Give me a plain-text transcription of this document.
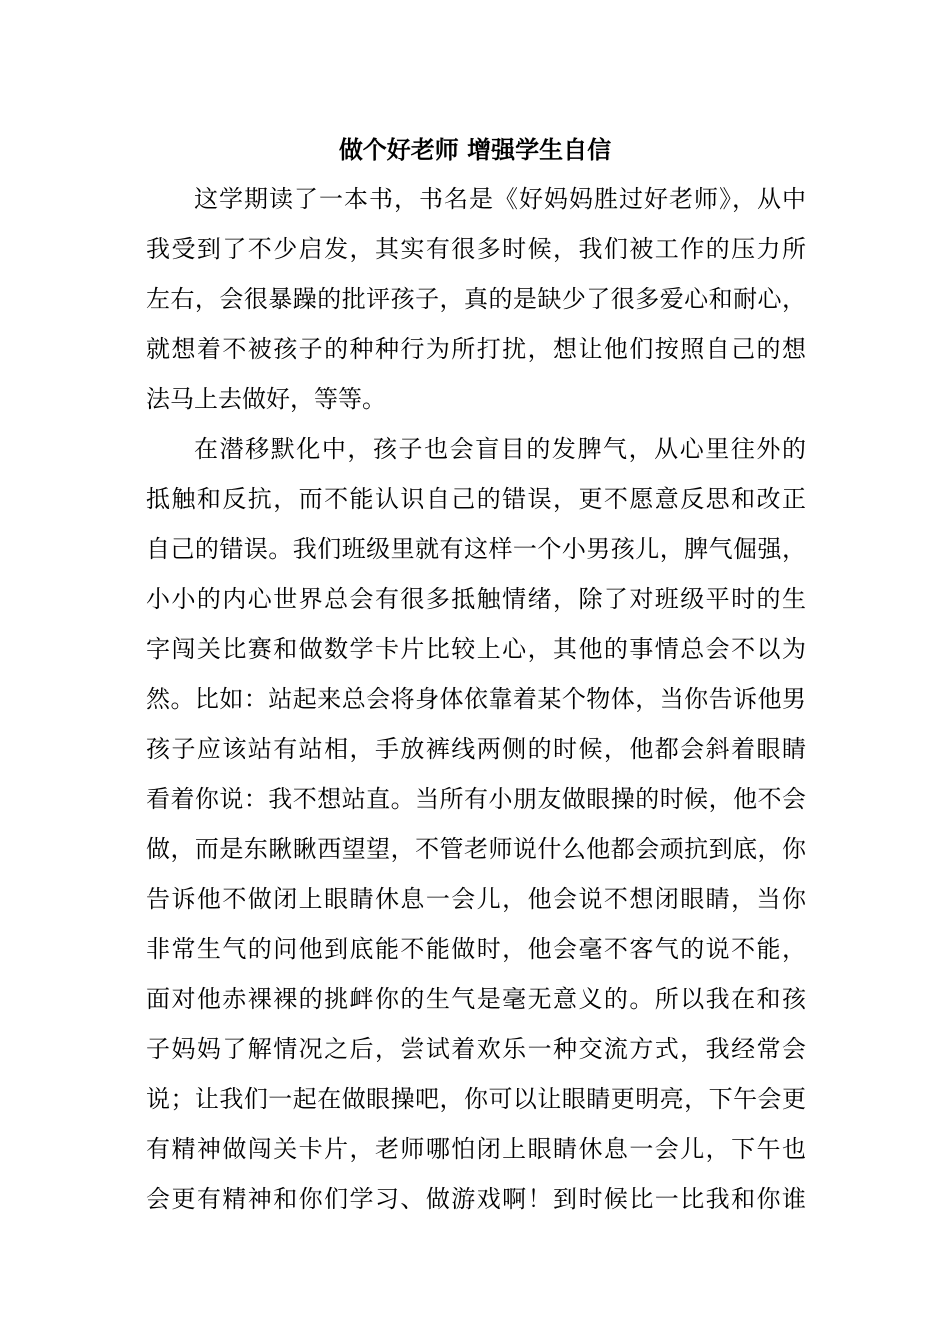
做个好老师 增强学生自信

这学期读了一本书，书名是《好妈妈胜过好老师》，从中

我受到了不少启发，其实有很多时候，我们被工作的压力所

左右，会很暴躁的批评孩子，真的是缺少了很多爱心和耐心，

就想着不被孩子的种种行为所打扰，想让他们按照自己的想

法马上去做好，等等。

在潜移默化中，孩子也会盲目的发脾气，从心里往外的

抵触和反抗，而不能认识自己的错误，更不愿意反思和改正

自己的错误。我们班级里就有这样一个小男孩儿，脾气倔强，

小小的内心世界总会有很多抵触情绪，除了对班级平时的生

字闯关比赛和做数学卡片比较上心，其他的事情总会不以为

然。比如：站起来总会将身体依靠着某个物体，当你告诉他男

孩子应该站有站相，手放裤线两侧的时候，他都会斜着眼睛

看着你说：我不想站直。当所有小朋友做眼操的时候，他不会

做，而是东瞅瞅西望望，不管老师说什么他都会顽抗到底，你

告诉他不做闭上眼睛休息一会儿，他会说不想闭眼睛，当你

非常生气的问他到底能不能做时，他会毫不客气的说不能，

面对他赤裸裸的挑衅你的生气是毫无意义的。所以我在和孩

子妈妈了解情况之后，尝试着欢乐一种交流方式，我经常会

说；让我们一起在做眼操吧，你可以让眼睛更明亮，下午会更

有精神做闯关卡片，老师哪怕闭上眼睛休息一会儿，下午也

会更有精神和你们学习、做游戏啊！到时候比一比我和你谁
